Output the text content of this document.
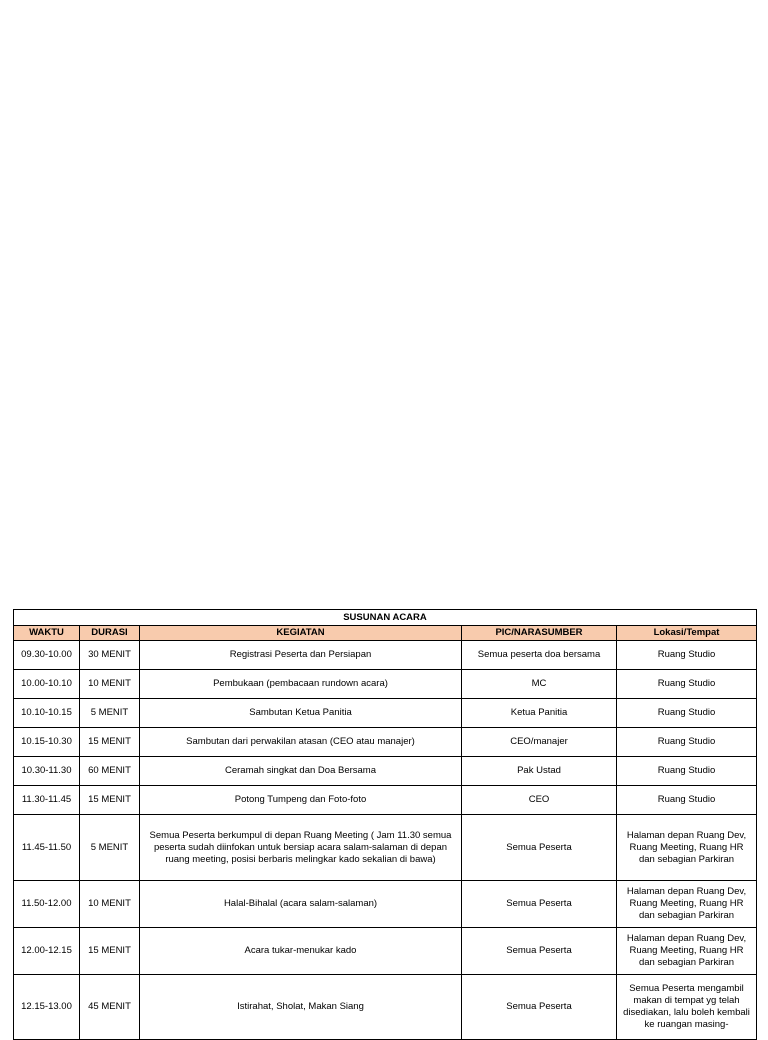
SUSUNAN ACARA				
WAKTU	DURASI	KEGIATAN	PIC/NARASUMBER	Lokasi/Tempat
09.30-10.00	30 MENIT	Registrasi Peserta dan Persiapan	Semua peserta doa bersama	Ruang Studio
10.00-10.10	10 MENIT	Pembukaan (pembacaan rundown acara)	MC	Ruang Studio
10.10-10.15	5 MENIT	Sambutan Ketua Panitia	Ketua Panitia	Ruang Studio
10.15-10.30	15 MENIT	Sambutan dari perwakilan atasan (CEO atau manajer)	CEO/manajer	Ruang Studio
10.30-11.30	60 MENIT	Ceramah singkat dan Doa Bersama	Pak Ustad	Ruang Studio
11.30-11.45	15 MENIT	Potong Tumpeng dan Foto-foto	CEO	Ruang Studio
11.45-11.50	5 MENIT	Semua Peserta berkumpul di depan Ruang Meeting ( Jam 11.30 semua peserta sudah diinfokan untuk bersiap acara salam-salaman di depan ruang meeting, posisi berbaris melingkar kado sekalian di bawa)	Semua Peserta	Halaman depan Ruang Dev, Ruang Meeting, Ruang HR dan sebagian Parkiran
11.50-12.00	10 MENIT	Halal-Bihalal (acara salam-salaman)	Semua Peserta	Halaman depan Ruang Dev, Ruang Meeting, Ruang HR dan sebagian Parkiran
12.00-12.15	15 MENIT	Acara tukar-menukar kado	Semua Peserta	Halaman depan Ruang Dev, Ruang Meeting, Ruang HR dan sebagian Parkiran
12.15-13.00	45 MENIT	Istirahat, Sholat, Makan Siang	Semua Peserta	Semua Peserta mengambil makan di tempat yg telah disediakan, lalu boleh kembali ke ruangan masing-
